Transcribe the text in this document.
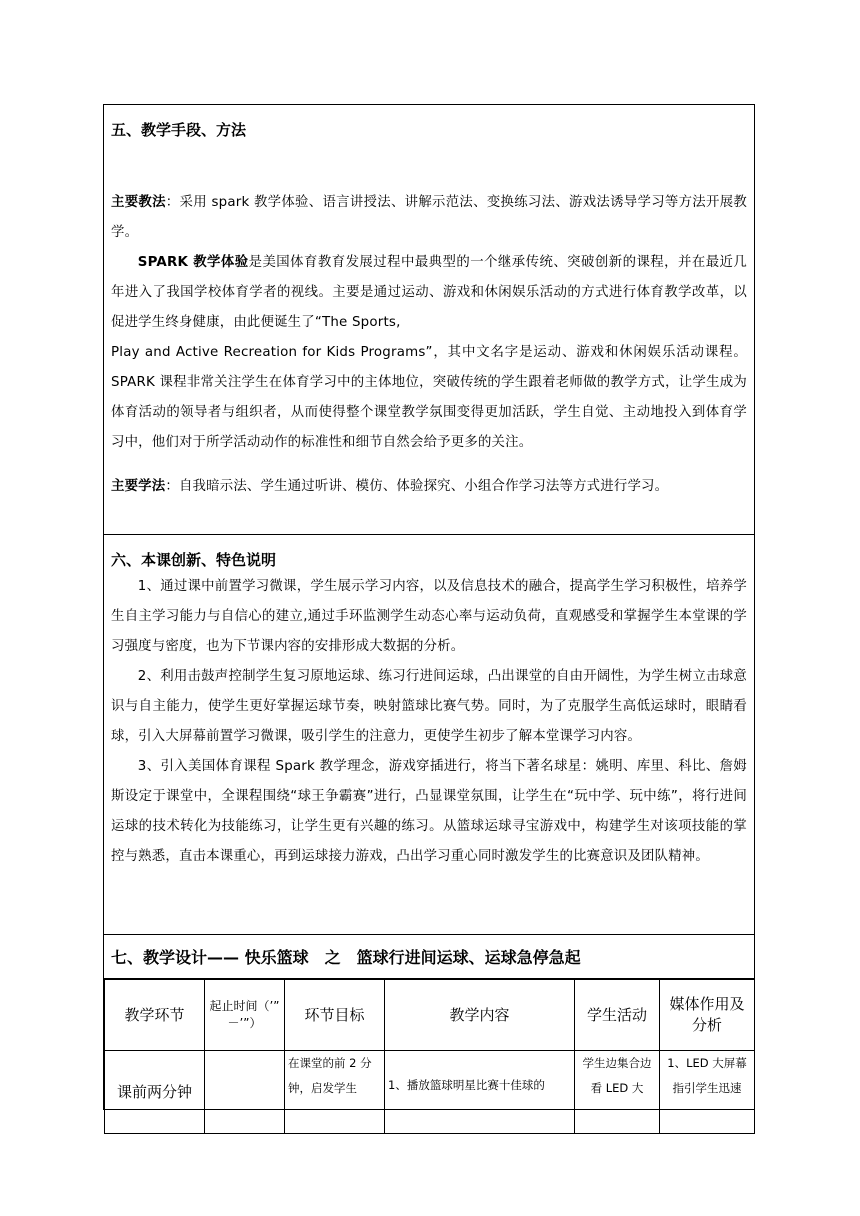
五、教学手段、方法

主要教法：采用 spark 教学体验、语言讲授法、讲解示范法、变换练习法、游戏法诱导学习等方法开展教学。

SPARK 教学体验是美国体育教育发展过程中最典型的一个继承传统、突破创新的课程，并在最近几年进入了我国学校体育学者的视线。主要是通过运动、游戏和休闲娱乐活动的方式进行体育教学改革，以促进学生终身健康，由此便诞生了“The Sports,

Play and Active Recreation for Kids Programs”，其中文名字是运动、游戏和休闲娱乐活动课程。SPARK 课程非常关注学生在体育学习中的主体地位，突破传统的学生跟着老师做的教学方式，让学生成为体育活动的领导者与组织者，从而使得整个课堂教学氛围变得更加活跃，学生自觉、主动地投入到体育学习中，他们对于所学活动动作的标准性和细节自然会给予更多的关注。

主要学法：自我暗示法、学生通过听讲、模仿、体验探究、小组合作学习法等方式进行学习。

六、本课创新、特色说明

1、通过课中前置学习微课，学生展示学习内容，以及信息技术的融合，提高学生学习积极性，培养学生自主学习能力与自信心的建立,通过手环监测学生动态心率与运动负荷，直观感受和掌握学生本堂课的学习强度与密度，也为下节课内容的安排形成大数据的分析。

2、利用击鼓声控制学生复习原地运球、练习行进间运球，凸出课堂的自由开阔性，为学生树立击球意识与自主能力，使学生更好掌握运球节奏，映射篮球比赛气势。同时，为了克服学生高低运球时，眼睛看球，引入大屏幕前置学习微课，吸引学生的注意力，更使学生初步了解本堂课学习内容。

3、引入美国体育课程 Spark 教学理念，游戏穿插进行，将当下著名球星：姚明、库里、科比、詹姆斯设定于课堂中，全课程围绕“球王争霸赛”进行，凸显课堂氛围，让学生在“玩中学、玩中练”，将行进间运球的技术转化为技能练习，让学生更有兴趣的练习。从篮球运球寻宝游戏中，构建学生对该项技能的掌控与熟悉，直击本课重心，再到运球接力游戏，凸出学习重心同时激发学生的比赛意识及团队精神。

七、教学设计—— 快乐篮球　之　篮球行进间运球、运球急停急起
教学环节	起止时间（’” －’”）	环节目标	教学内容	学生活动	媒体作用及分析
课前两分钟		在课堂的前 2 分钟，启发学生	1、播放篮球明星比赛十佳球的	学生边集合边看 LED 大	1、LED 大屏幕指引学生迅速
